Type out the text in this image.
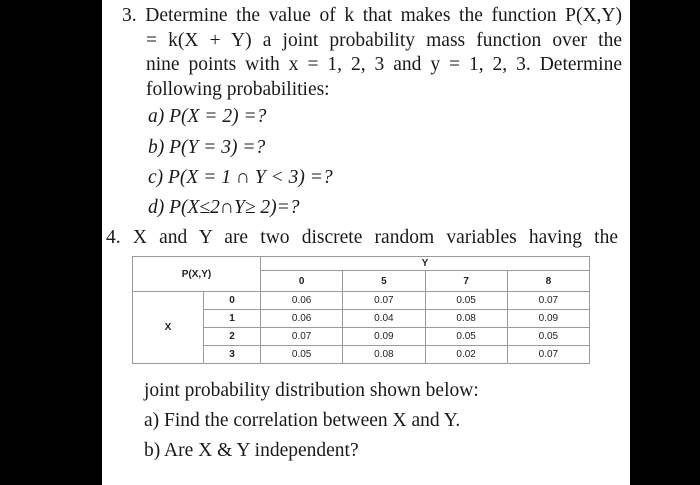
3. Determine the value of k that makes the function P(X,Y)
= k(X + Y) a joint probability mass function over the
nine points with x = 1, 2, 3 and y = 1, 2, 3. Determine
following probabilities:
a) P(X = 2) =?
b) P(Y = 3) =?
c) P(X = 1 ∩ Y < 3) =?
d) P(X≤2∩Y≥ 2)=?
4. X and Y are two discrete random variables having the
P(X,Y)		Y			
		0	5	7	8
X	0	0.06	0.07	0.05	0.07
	1	0.06	0.04	0.08	0.09
	2	0.07	0.09	0.05	0.05
	3	0.05	0.08	0.02	0.07
joint probability distribution shown below:
a) Find the correlation between X and Y.
b) Are X & Y independent?
